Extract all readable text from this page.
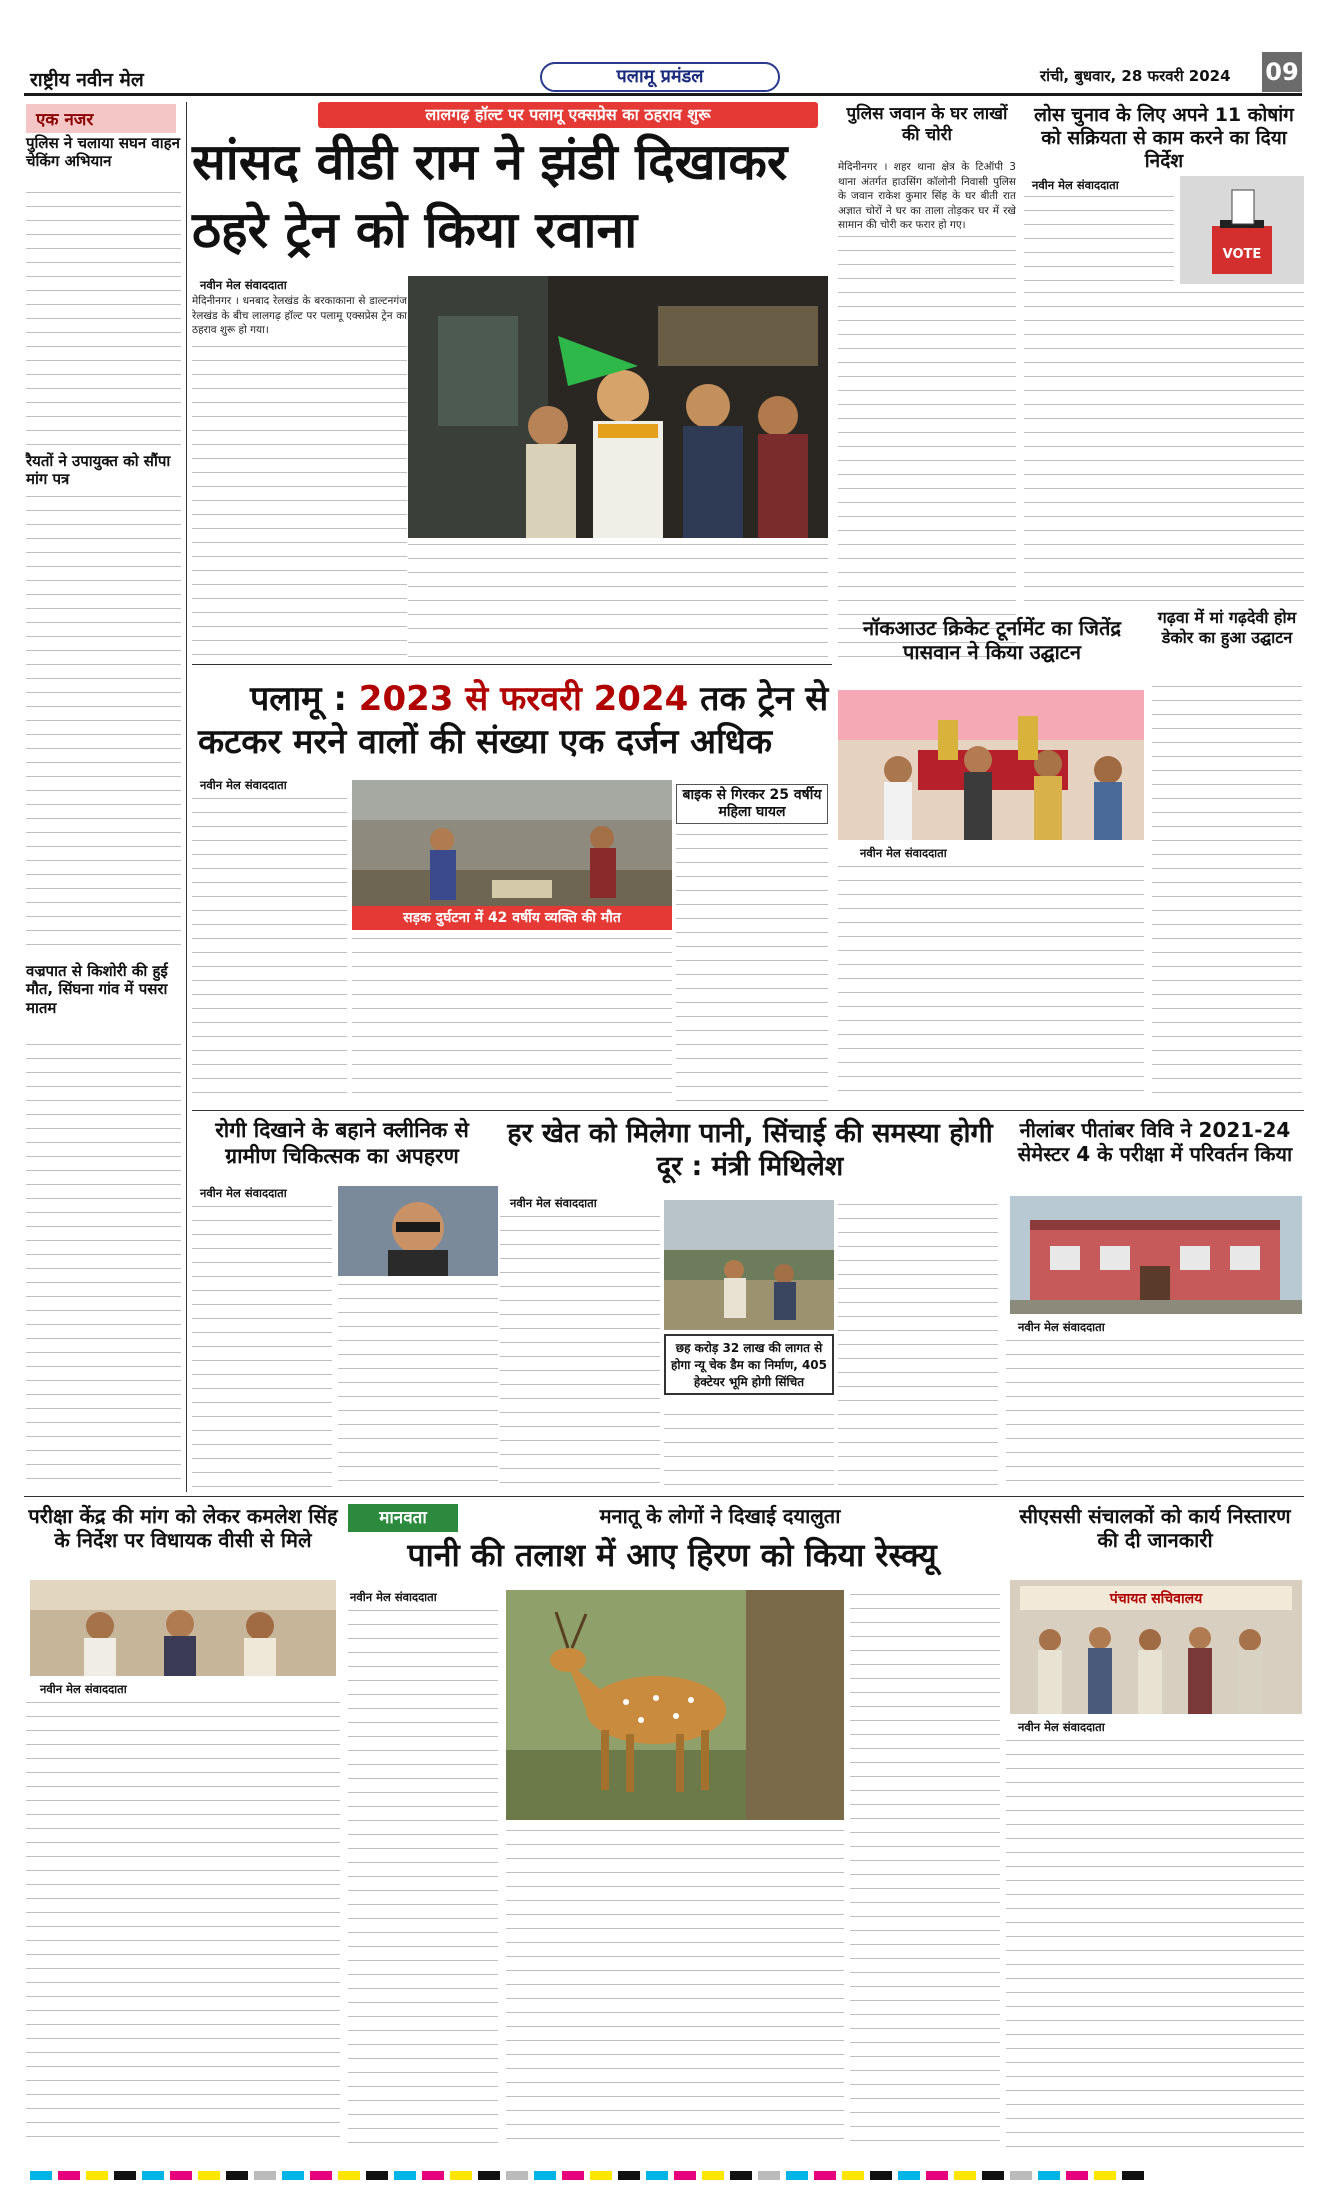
राष्ट्रीय नवीन मेल	पलामू प्रमंडल	रांची, बुधवार, 28 फरवरी 2024 09
लालगढ़ हॉल्ट पर पलामू एक्सप्रेस का ठहराव शुरू
सांसद वीडी राम ने झंडी दिखाकर
ठहरे ट्रेन को किया रवाना
नवीन मेल संवाददाता
मेदिनीनगर । धनबाद रेलखंड के बरकाकाना से डाल्टनगंज रेलखंड के बीच लालगढ़ हॉल्ट पर पलामू एक्सप्रेस ट्रेन का ठहराव शुरू हो गया।
एक नजर
पुलिस ने चलाया सघन वाहन चेकिंग अभियान
रैयतों ने उपायुक्त को सौंपा मांग पत्र
वज्रपात से किशोरी की हुई मौत, सिंघना गांव में पसरा मातम
पुलिस जवान के घर लाखों की चोरी
मेदिनीनगर । शहर थाना क्षेत्र के टिऑपी 3 थाना अंतर्गत हाउसिंग कॉलोनी निवासी पुलिस के जवान राकेश कुमार सिंह के घर बीती रात अज्ञात चोरों ने घर का ताला तोड़कर घर में रखे सामान की चोरी कर फरार हो गए।
लोस चुनाव के लिए अपने 11 कोषांग को सक्रियता से काम करने का दिया निर्देश
नवीन मेल संवाददाता
VOTE
पलामू : 2023 से फरवरी 2024 तक ट्रेन से
कटकर मरने वालों की संख्या एक दर्जन अधिक
नवीन मेल संवाददाता
सड़क दुर्घटना में 42 वर्षीय व्यक्ति की मौत
बाइक से गिरकर 25 वर्षीय महिला घायल
नॉकआउट क्रिकेट टूर्नामेंट का जितेंद्र पासवान ने किया उद्घाटन
नवीन मेल संवाददाता
गढ़वा में मां गढ़देवी होम डेकोर का हुआ उद्घाटन
रोगी दिखाने के बहाने क्लीनिक से ग्रामीण चिकित्सक का अपहरण
नवीन मेल संवाददाता
हर खेत को मिलेगा पानी, सिंचाई की समस्या होगी दूर : मंत्री मिथिलेश
नवीन मेल संवाददाता
छह करोड़ 32 लाख की लागत से होगा न्यू चेक डैम का निर्माण, 405 हेक्टेयर भूमि होगी सिंचित
नीलांबर पीतांबर विवि ने 2021-24 सेमेस्टर 4 के परीक्षा में परिवर्तन किया
नवीन मेल संवाददाता
परीक्षा केंद्र की मांग को लेकर कमलेश सिंह के निर्देश पर विधायक वीसी से मिले
नवीन मेल संवाददाता
मानवता	मनातू के लोगों ने दिखाई दयालुता
पानी की तलाश में आए हिरण को किया रेस्क्यू
नवीन मेल संवाददाता
सीएससी संचालकों को कार्य निस्तारण की दी जानकारी
पंचायत सचिवालय
नवीन मेल संवाददाता
